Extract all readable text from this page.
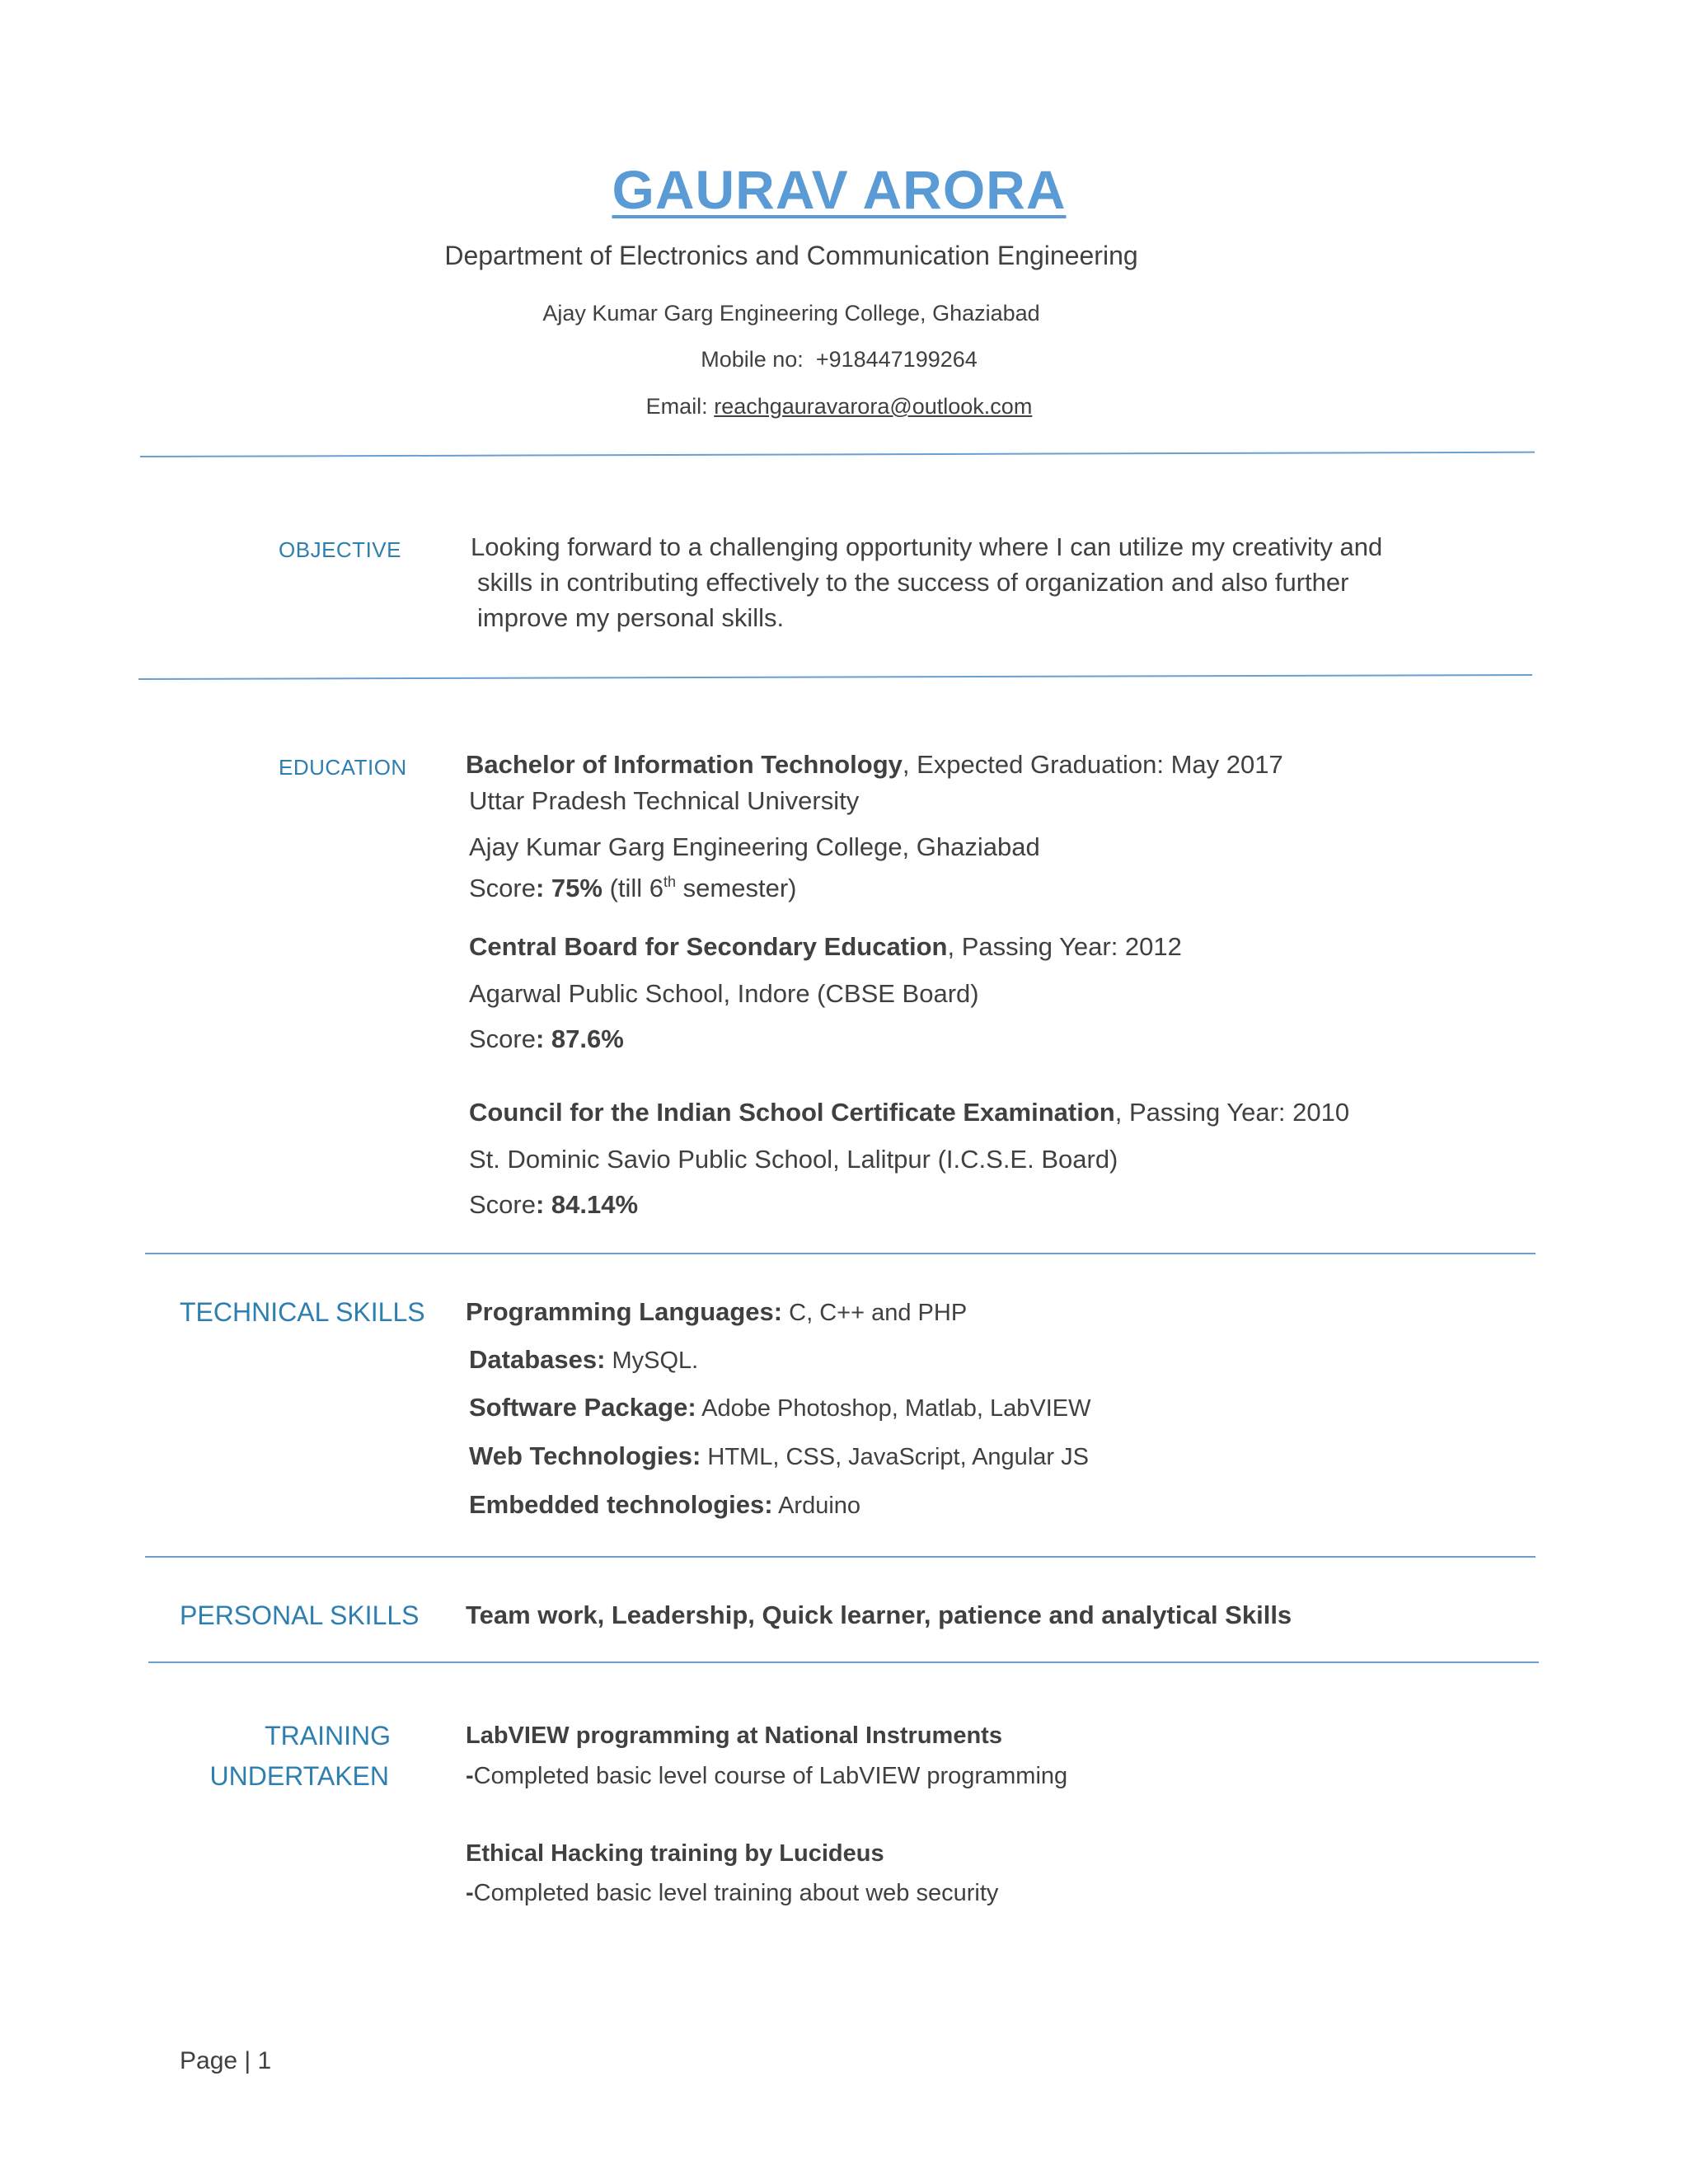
GAURAV ARORA
Department of Electronics and Communication Engineering
Ajay Kumar Garg Engineering College, Ghaziabad
Mobile no: +918447199264
Email: reachgauravarora@outlook.com
OBJECTIVE	Looking forward to a challenging opportunity where I can utilize my creativity and
skills in contributing effectively to the success of organization and also further
improve my personal skills.
EDUCATION Bachelor of Information Technology, Expected Graduation: May 2017
Uttar Pradesh Technical University
Ajay Kumar Garg Engineering College, Ghaziabad
Score: 75% (till 6th semester)
Central Board for Secondary Education, Passing Year: 2012
Agarwal Public School, Indore (CBSE Board)
Score: 87.6%
Council for the Indian School Certificate Examination, Passing Year: 2010
St. Dominic Savio Public School, Lalitpur (I.C.S.E. Board)
Score: 84.14%
TECHNICAL SKILLS Programming Languages: C, C++ and PHP
Databases: MySQL.
Software Package: Adobe Photoshop, Matlab, LabVIEW
Web Technologies: HTML, CSS, JavaScript, Angular JS
Embedded technologies: Arduino
PERSONAL SKILLS Team work, Leadership, Quick learner, patience and analytical Skills
TRAINING
UNDERTAKEN
LabVIEW programming at National Instruments
-Completed basic level course of LabVIEW programming
Ethical Hacking training by Lucideus
-Completed basic level training about web security
Page | 1
